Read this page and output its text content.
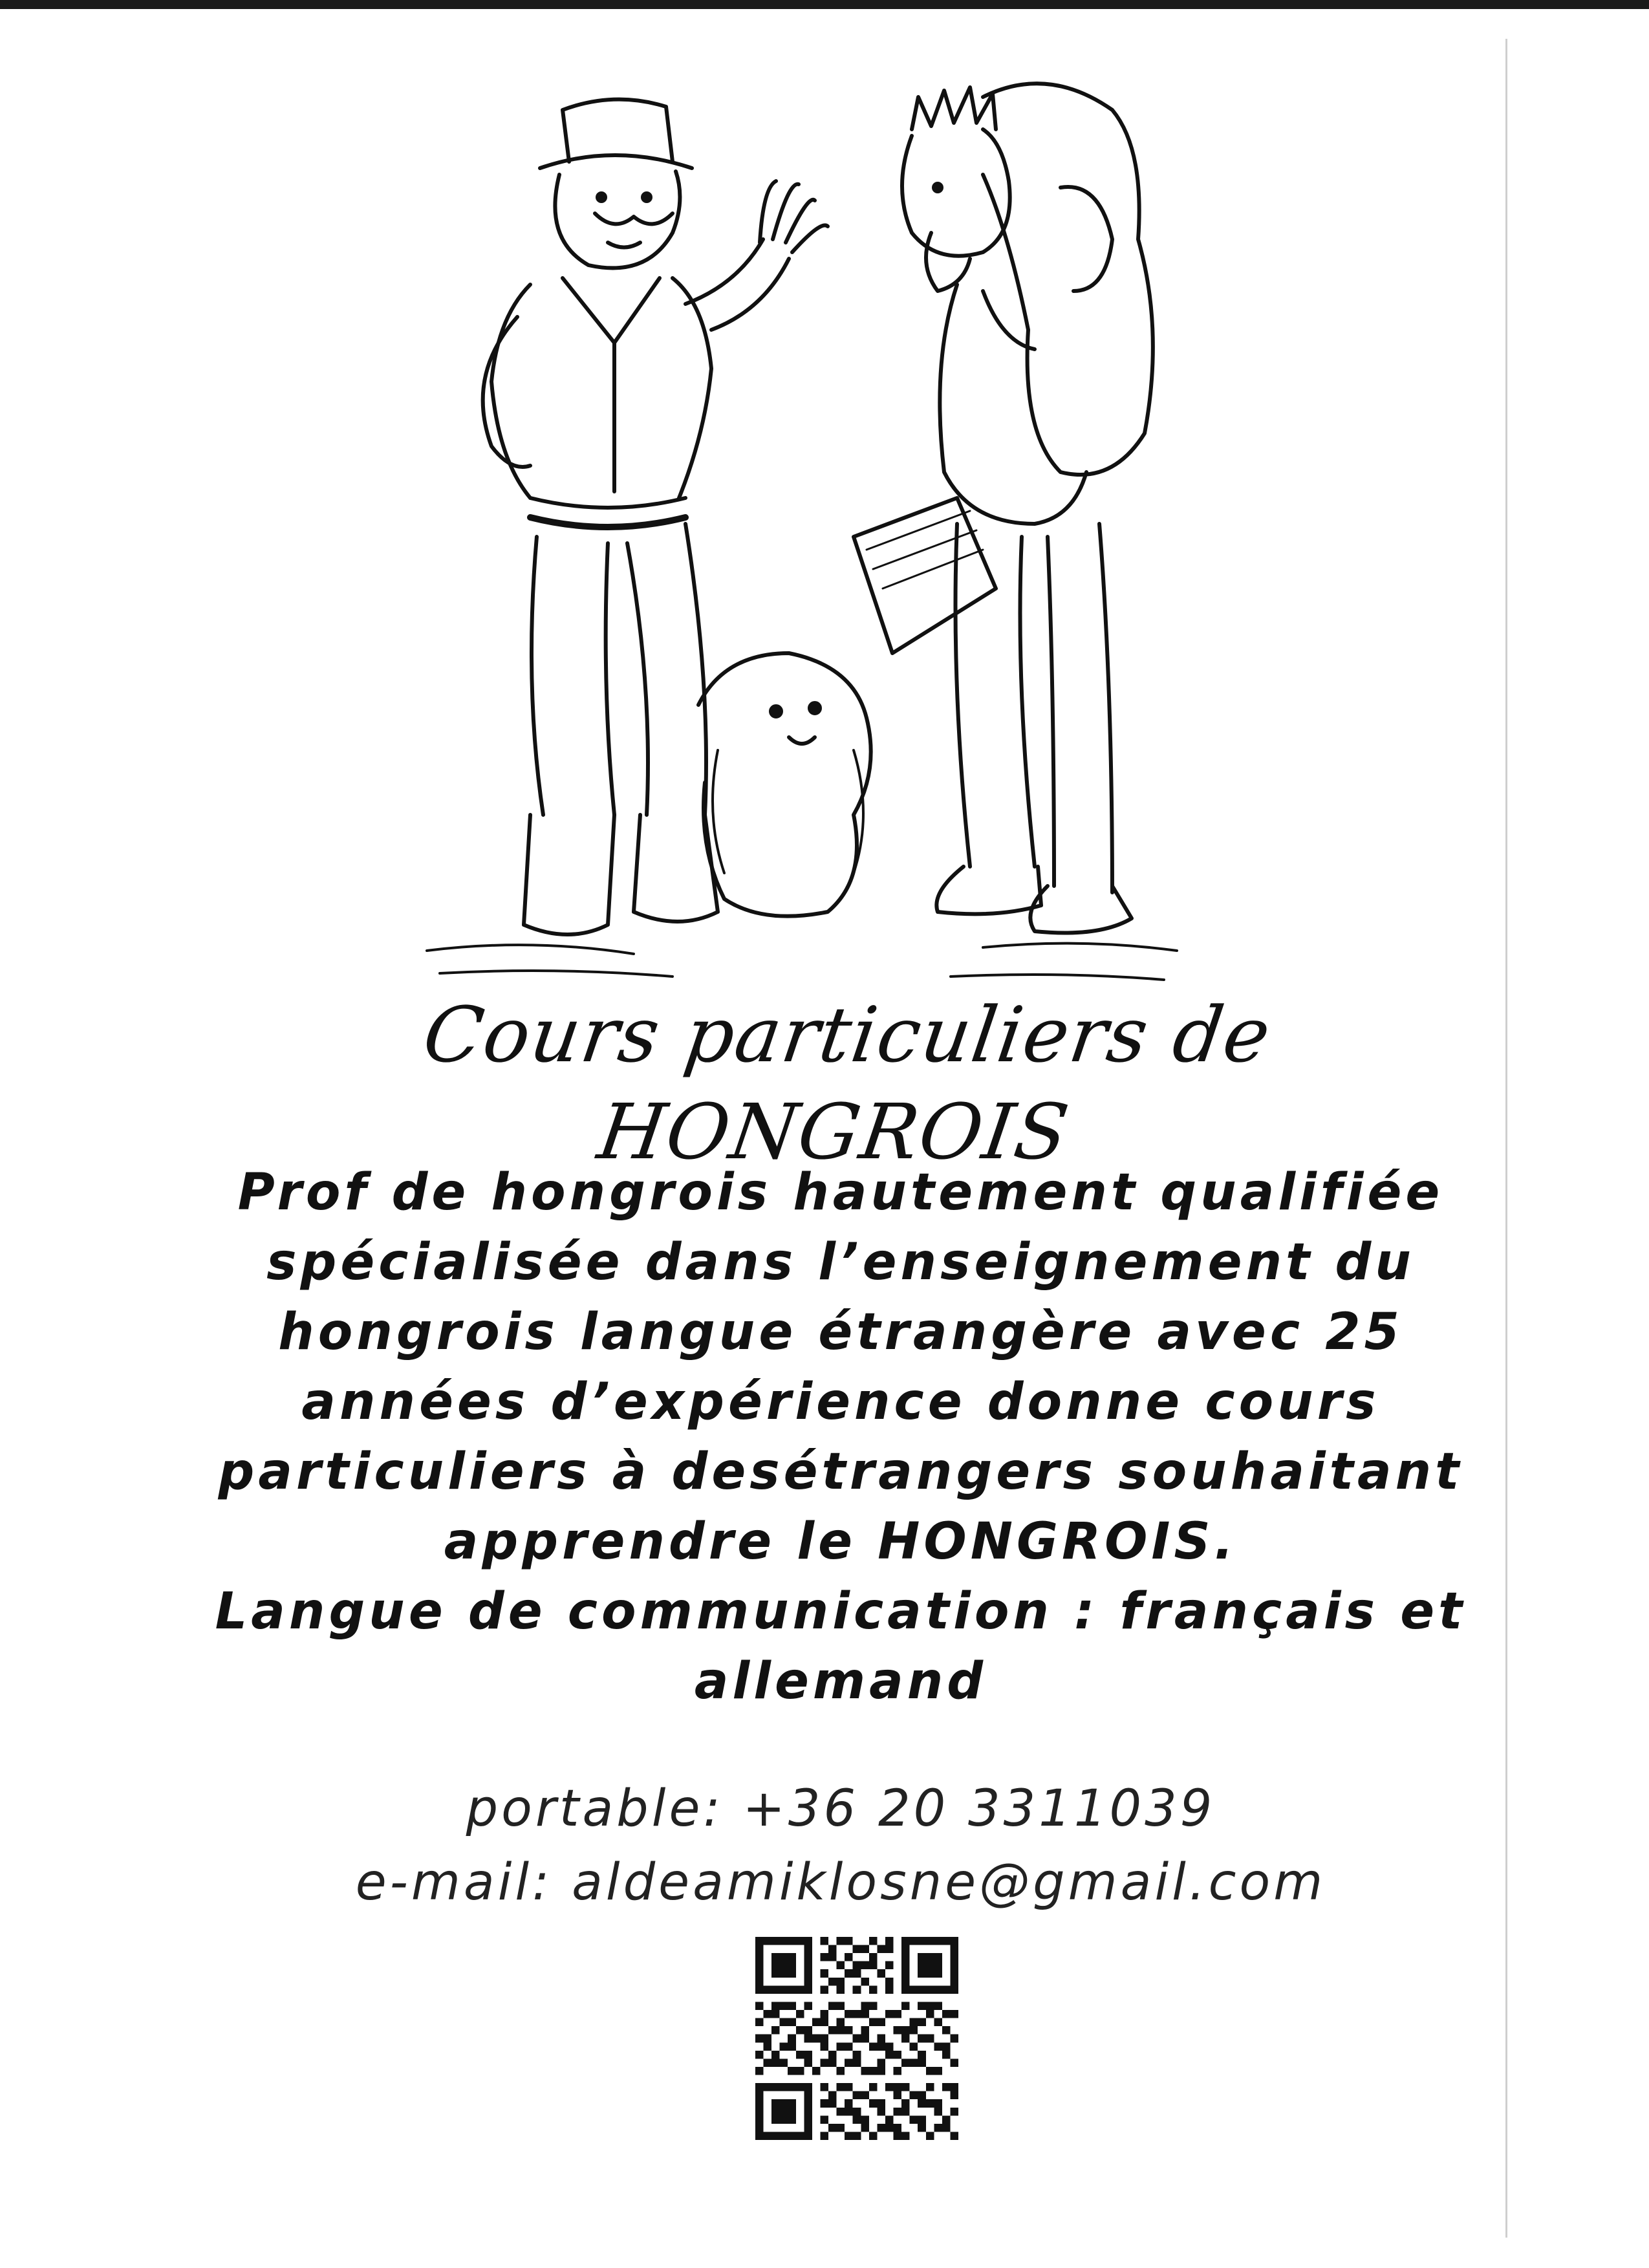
Cours particuliers de HONGROIS
Prof de hongrois hautement qualifiée
spécialisée dans l’enseignement du
hongrois langue étrangère avec 25
années d’expérience donne cours
particuliers à desétrangers souhaitant
apprendre le HONGROIS.
Langue de communication : français et
allemand
portable: +36 20 3311039
e-mail: aldeamiklosne@gmail.com
